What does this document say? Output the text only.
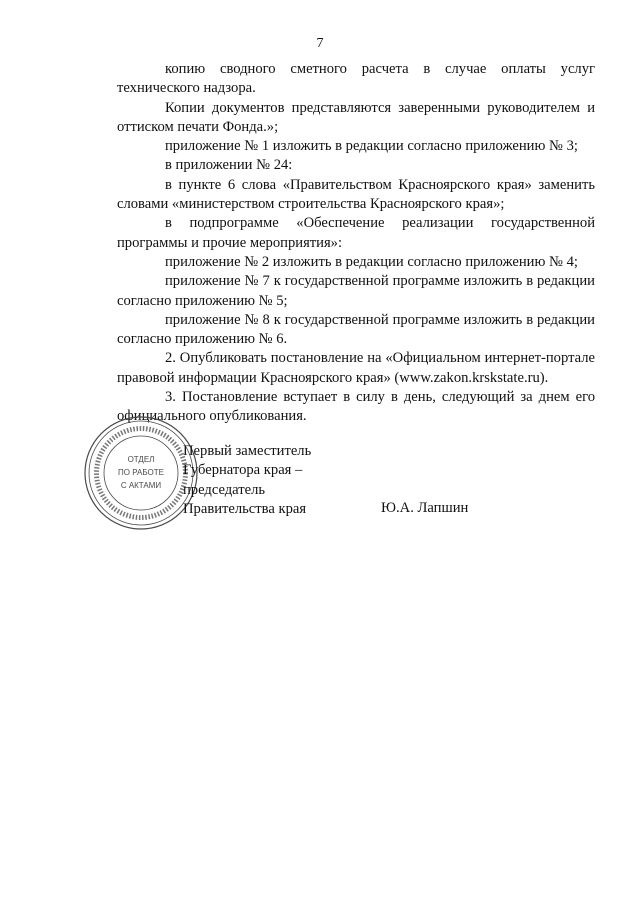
7

копию сводного сметного расчета в случае оплаты услуг технического надзора.

Копии документов представляются заверенными руководителем и оттиском печати Фонда.»;

приложение № 1 изложить в редакции согласно приложению № 3;

в приложении № 24:

в пункте 6 слова «Правительством Красноярского края» заменить словами «министерством строительства Красноярского края»;

в подпрограмме «Обеспечение реализации государственной программы и прочие мероприятия»:

приложение № 2 изложить в редакции согласно приложению № 4;

приложение № 7 к государственной программе изложить в редакции согласно приложению № 5;

приложение № 8 к государственной программе изложить в редакции согласно приложению № 6.

2. Опубликовать постановление на «Официальном интернет-портале правовой информации Красноярского края» (www.zakon.krskstate.ru).

3. Постановление вступает в силу в день, следующий за днем его официального опубликования.

ОТДЕЛ
ПО РАБОТЕ
С АКТАМИ
Первый заместитель
Губернатора края –
председатель
Правительства края	Ю.А. Лапшин
